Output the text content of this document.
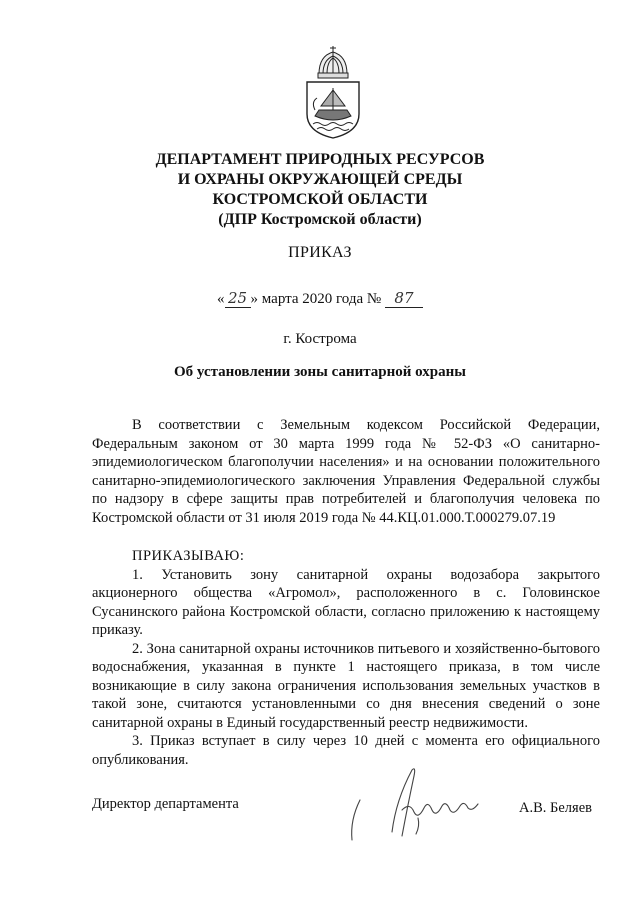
ДЕПАРТАМЕНТ ПРИРОДНЫХ РЕСУРСОВ
И ОХРАНЫ ОКРУЖАЮЩЕЙ СРЕДЫ
КОСТРОМСКОЙ ОБЛАСТИ
(ДПР Костромской области)
ПРИКАЗ
« 25 » марта 2020 года № 87
г. Кострома
Об установлении зоны санитарной охраны

В соответствии с Земельным кодексом Российской Федерации, Федеральным законом от 30 марта 1999 года № 52-ФЗ «О санитарно-эпидемиологическом благополучии населения» и на основании положительного санитарно-эпидемиологического заключения Управления Федеральной службы по надзору в сфере защиты прав потребителей и благополучия человека по Костромской области от 31 июля 2019 года № 44.КЦ.01.000.Т.000279.07.19

ПРИКАЗЫВАЮ:

1. Установить зону санитарной охраны водозабора закрытого акционерного общества «Агромол», расположенного в с. Головинское Сусанинского района Костромской области, согласно приложению к настоящему приказу.

2. Зона санитарной охраны источников питьевого и хозяйственно-бытового водоснабжения, указанная в пункте 1 настоящего приказа, в том числе возникающие в силу закона ограничения использования земельных участков в такой зоне, считаются установленными со дня внесения сведений о зоне санитарной охраны в Единый государственный реестр недвижимости.

3. Приказ вступает в силу через 10 дней с момента его официального опубликования.

Директор департамента	А.В. Беляев
